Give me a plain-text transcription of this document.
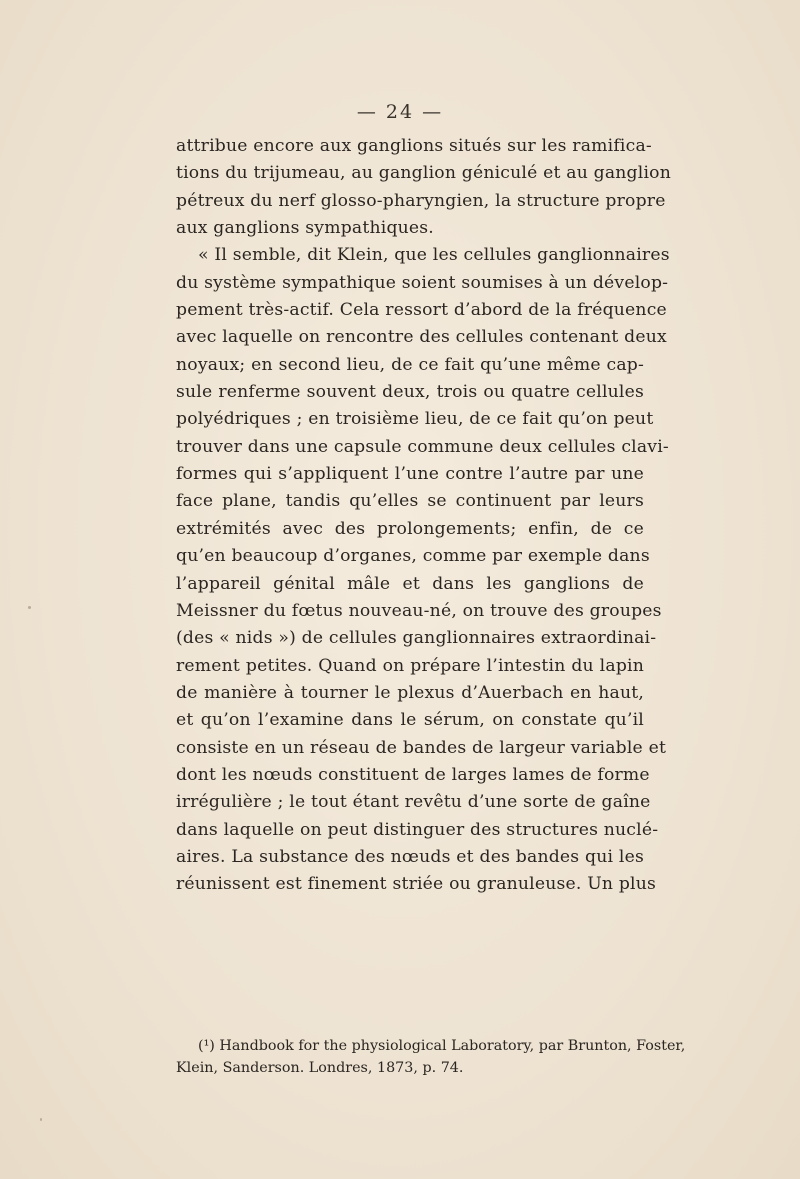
— 24 —
attribue encore aux ganglions situés sur les ramifica-
tions du trijumeau, au ganglion géniculé et au ganglion
pétreux du nerf glosso-pharyngien, la structure propre
aux ganglions sympathiques.
« Il semble, dit Klein, que les cellules ganglionnaires
du système sympathique soient soumises à un dévelop-
pement très-actif. Cela ressort d’abord de la fréquence
avec laquelle on rencontre des cellules contenant deux
noyaux; en second lieu, de ce fait qu’une même cap-
sule renferme souvent deux, trois ou quatre cellules
polyédriques ; en troisième lieu, de ce fait qu’on peut
trouver dans une capsule commune deux cellules clavi-
formes qui s’appliquent l’une contre l’autre par une
face plane, tandis qu’elles se continuent par leurs
extrémités avec des prolongements; enfin, de ce
qu’en beaucoup d’organes, comme par exemple dans
l’appareil génital mâle et dans les ganglions de
Meissner du fœtus nouveau-né, on trouve des groupes
(des « nids ») de cellules ganglionnaires extraordinai-
rement petites. Quand on prépare l’intestin du lapin
de manière à tourner le plexus d’Auerbach en haut,
et qu’on l’examine dans le sérum, on constate qu’il
consiste en un réseau de bandes de largeur variable et
dont les nœuds constituent de larges lames de forme
irrégulière ; le tout étant revêtu d’une sorte de gaîne
dans laquelle on peut distinguer des structures nuclé-
aires. La substance des nœuds et des bandes qui les
réunissent est finement striée ou granuleuse. Un plus
(¹) Handbook for the physiological Laboratory, par Brunton, Foster,
Klein, Sanderson. Londres, 1873, p. 74.
